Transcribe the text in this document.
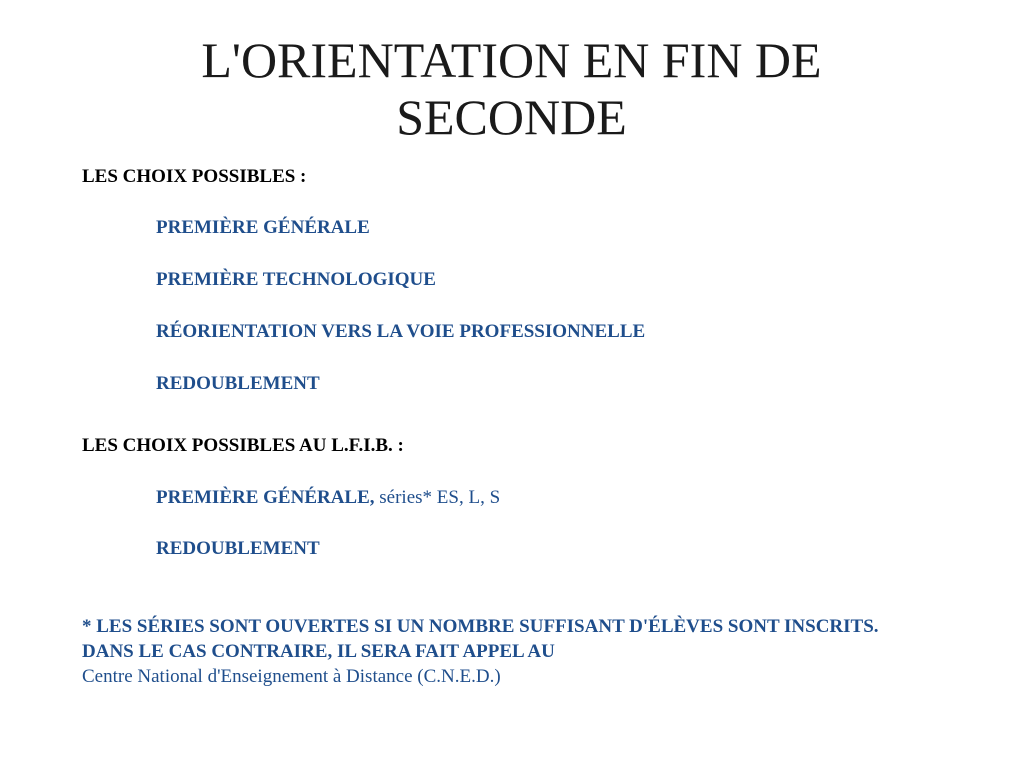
L'ORIENTATION EN FIN DE
SECONDE

LES CHOIX POSSIBLES :

PREMIÈRE GÉNÉRALE

PREMIÈRE TECHNOLOGIQUE

RÉORIENTATION VERS LA VOIE PROFESSIONNELLE

REDOUBLEMENT

LES CHOIX POSSIBLES AU L.F.I.B. :

PREMIÈRE GÉNÉRALE, séries* ES, L, S

REDOUBLEMENT

* LES SÉRIES SONT OUVERTES SI UN NOMBRE SUFFISANT D'ÉLÈVES SONT INSCRITS. DANS LE CAS CONTRAIRE, IL SERA FAIT APPEL AU
Centre National d'Enseignement à Distance (C.N.E.D.)
